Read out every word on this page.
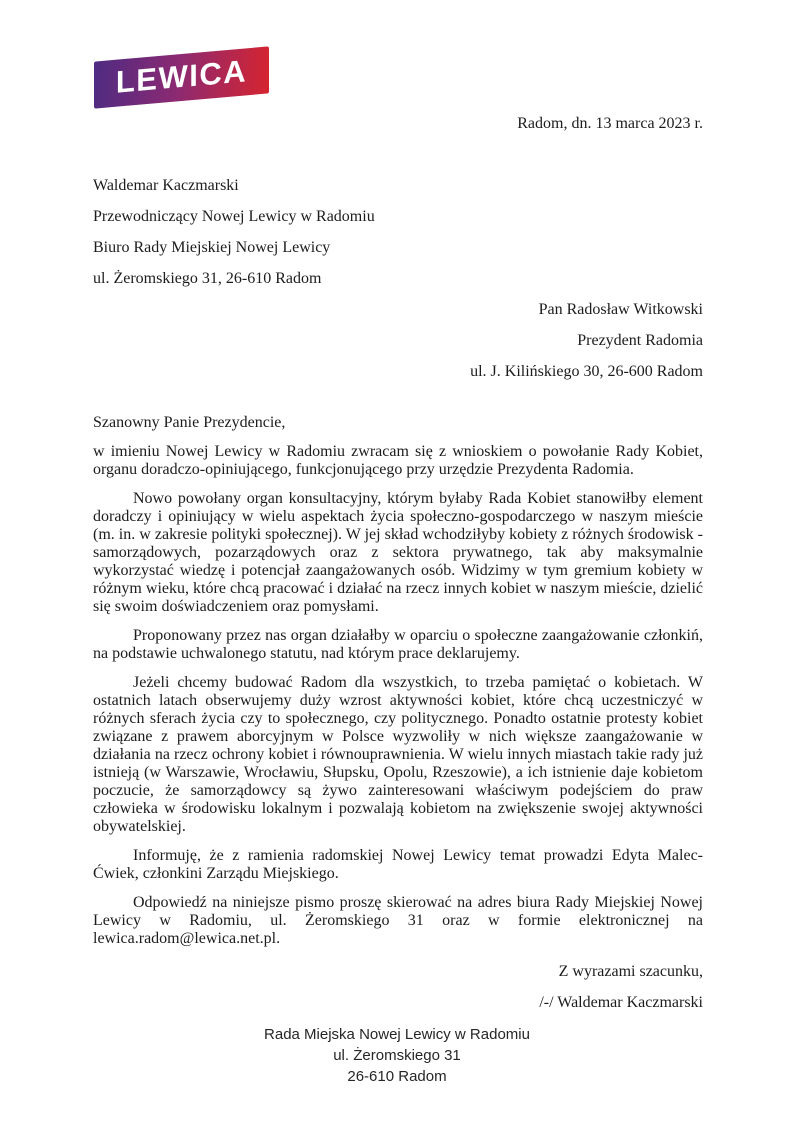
LEWICA

Radom, dn. 13 marca 2023 r.

Waldemar Kaczmarski

Przewodniczący Nowej Lewicy w Radomiu

Biuro Rady Miejskiej Nowej Lewicy

ul. Żeromskiego 31, 26-610 Radom

Pan Radosław Witkowski

Prezydent Radomia

ul. J. Kilińskiego 30, 26-600 Radom

Szanowny Panie Prezydencie,

w imieniu Nowej Lewicy w Radomiu zwracam się z wnioskiem o powołanie Rady Kobiet, organu doradczo-opiniującego, funkcjonującego przy urzędzie Prezydenta Radomia.

Nowo powołany organ konsultacyjny, którym byłaby Rada Kobiet stanowiłby element doradczy i opiniujący w wielu aspektach życia społeczno-gospodarczego w naszym mieście (m. in. w zakresie polityki społecznej). W jej skład wchodziłyby kobiety z różnych środowisk - samorządowych, pozarządowych oraz z sektora prywatnego, tak aby maksymalnie wykorzystać wiedzę i potencjał zaangażowanych osób. Widzimy w tym gremium kobiety w różnym wieku, które chcą pracować i działać na rzecz innych kobiet w naszym mieście, dzielić się swoim doświadczeniem oraz pomysłami.

Proponowany przez nas organ działałby w oparciu o społeczne zaangażowanie członkiń, na podstawie uchwalonego statutu, nad którym prace deklarujemy.

Jeżeli chcemy budować Radom dla wszystkich, to trzeba pamiętać o kobietach. W ostatnich latach obserwujemy duży wzrost aktywności kobiet, które chcą uczestniczyć w różnych sferach życia czy to społecznego, czy politycznego. Ponadto ostatnie protesty kobiet związane z prawem aborcyjnym w Polsce wyzwoliły w nich większe zaangażowanie w działania na rzecz ochrony kobiet i równouprawnienia. W wielu innych miastach takie rady już istnieją (w Warszawie, Wrocławiu, Słupsku, Opolu, Rzeszowie), a ich istnienie daje kobietom poczucie, że samorządowcy są żywo zainteresowani właściwym podejściem do praw człowieka w środowisku lokalnym i pozwalają kobietom na zwiększenie swojej aktywności obywatelskiej.

Informuję, że z ramienia radomskiej Nowej Lewicy temat prowadzi Edyta Malec-Ćwiek, członkini Zarządu Miejskiego.

Odpowiedź na niniejsze pismo proszę skierować na adres biura Rady Miejskiej Nowej Lewicy w Radomiu, ul. Żeromskiego 31 oraz w formie elektronicznej na lewica.radom@lewica.net.pl.

Z wyrazami szacunku,

/-/ Waldemar Kaczmarski

Rada Miejska Nowej Lewicy w Radomiu
ul. Żeromskiego 31
26-610 Radom
